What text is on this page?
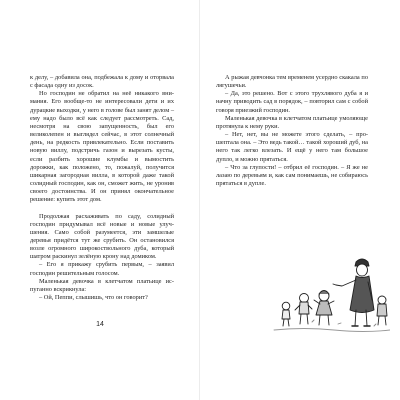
к делу, – добавила она, подбежала к дому и оторвала с фасада одну из досок.

Но господин не обратил на неё никакого внимания. Его вообще-то не интересовали дети и их дурацкие выходки, у него в голове был занят делом – ему надо было всё как следует рассмотреть. Сад, несмотря на свою запущенность, был его великолепен и выглядел сейчас, в этот солнечный день, на редкость привлекательно. Если поставить новую виллу, подстричь газон и вырезать кусты, если разбить хорошие клумбы и вымостить дорожки, как положено, то, пожалуй, получится шикарная загородная вилла, в которой даже такой солидный господин, как он, сможет жить, не уронив своего достоинства. И он принял окончательное решение: купить этот дом.

Продолжая расхаживать по саду, солидный господин придумывал всё новые и новые улучшения. Само собой разумеется, эти замшелые деревья придётся тут же срубить. Он остановился возле огромного широкоствольного дуба, который шатром раскинул зелёную крону над домиком.

– Его я прикажу срубить первым, – заявил господин решительным голосом.

Маленькая девочка в клетчатом платьице испуганно вскрикнула:

– Ой, Пеппи, слышишь, что он говорит?

14

А рыжая девчонка тем временем усердно скакала по лягушечьи.

– Да, это решено. Вот с этого трухлявого дуба я и начну приводить сад в порядок, – повторил сам с собой говоря приезжий господин.

Маленькая девочка в клетчатом платьице умоляюще протянула к нему руки.

– Нет, нет, вы не можете этого сделать, – прошептала она. – Это ведь такой… такой хороший дуб, на него так легко влезать. И ещё у него там большое дупло, и можно прятаться.

– Что за глупости! – отбрил её господин. – Я же не лазаю по деревьям и, как сам понимаешь, не собираюсь прятаться в дупле.
